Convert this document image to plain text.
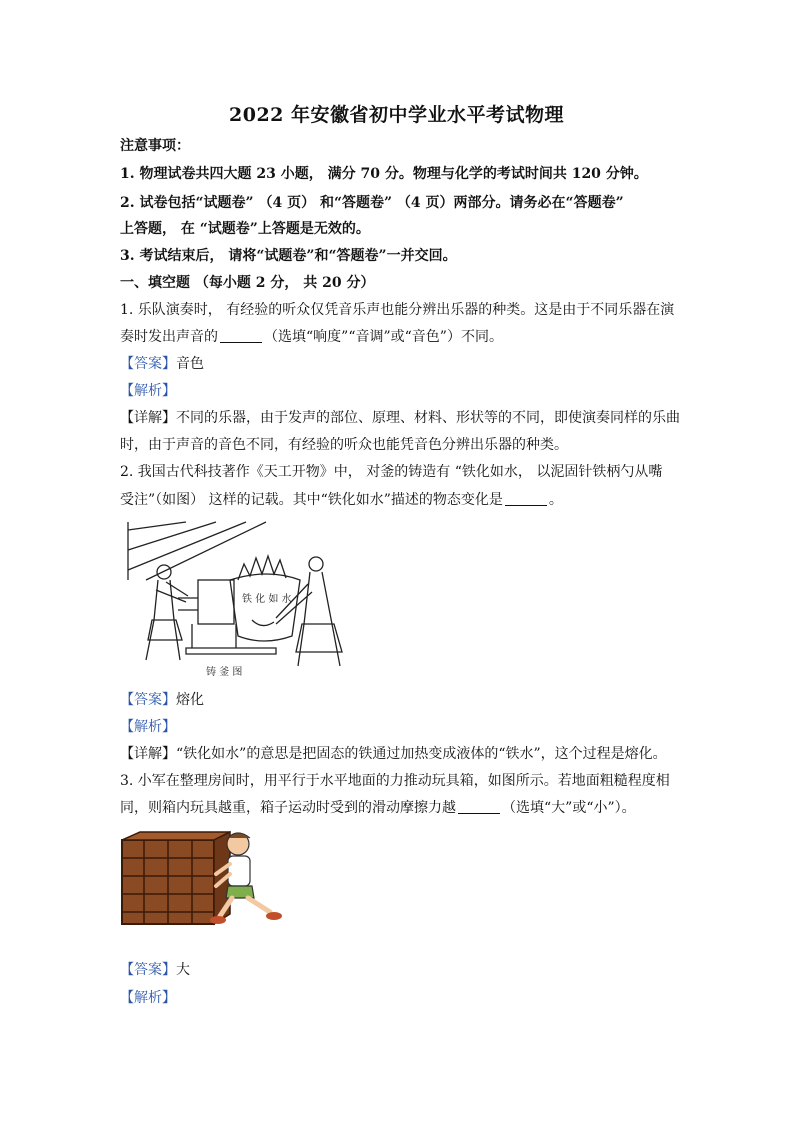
2022 年安徽省初中学业水平考试物理
注意事项：
1. 物理试卷共四大题 23 小题， 满分 70 分。物理与化学的考试时间共 120 分钟。
2. 试卷包括“试题卷” （4 页） 和“答题卷” （4 页）两部分。请务必在“答题卷”
上答题， 在 “试题卷”上答题是无效的。
3. 考试结束后， 请将“试题卷”和“答题卷”一并交回。
一、填空题 （每小题 2 分， 共 20 分）
1. 乐队演奏时， 有经验的听众仅凭音乐声也能分辨出乐器的种类。这是由于不同乐器在演
奏时发出声音的	（选填“响度”“音调”或“音色”）不同。
【答案】音色
【解析】
【详解】不同的乐器，由于发声的部位、原理、材料、形状等的不同，即使演奏同样的乐曲
时，由于声音的音色不同，有经验的听众也能凭音色分辨出乐器的种类。
2. 我国古代科技著作《天工开物》中， 对釜的铸造有 “铁化如水， 以泥固针铁柄勺从嘴
受注”（如图） 这样的记载。其中“铁化如水”描述的物态变化是	。
铁 化 如 水
铸 釜 图
【答案】熔化
【解析】
【详解】“铁化如水”的意思是把固态的铁通过加热变成液体的“铁水”，这个过程是熔化。
3. 小军在整理房间时，用平行于水平地面的力推动玩具箱，如图所示。若地面粗糙程度相
同，则箱内玩具越重，箱子运动时受到的滑动摩擦力越	（选填“大”或“小”）。
【答案】大
【解析】
